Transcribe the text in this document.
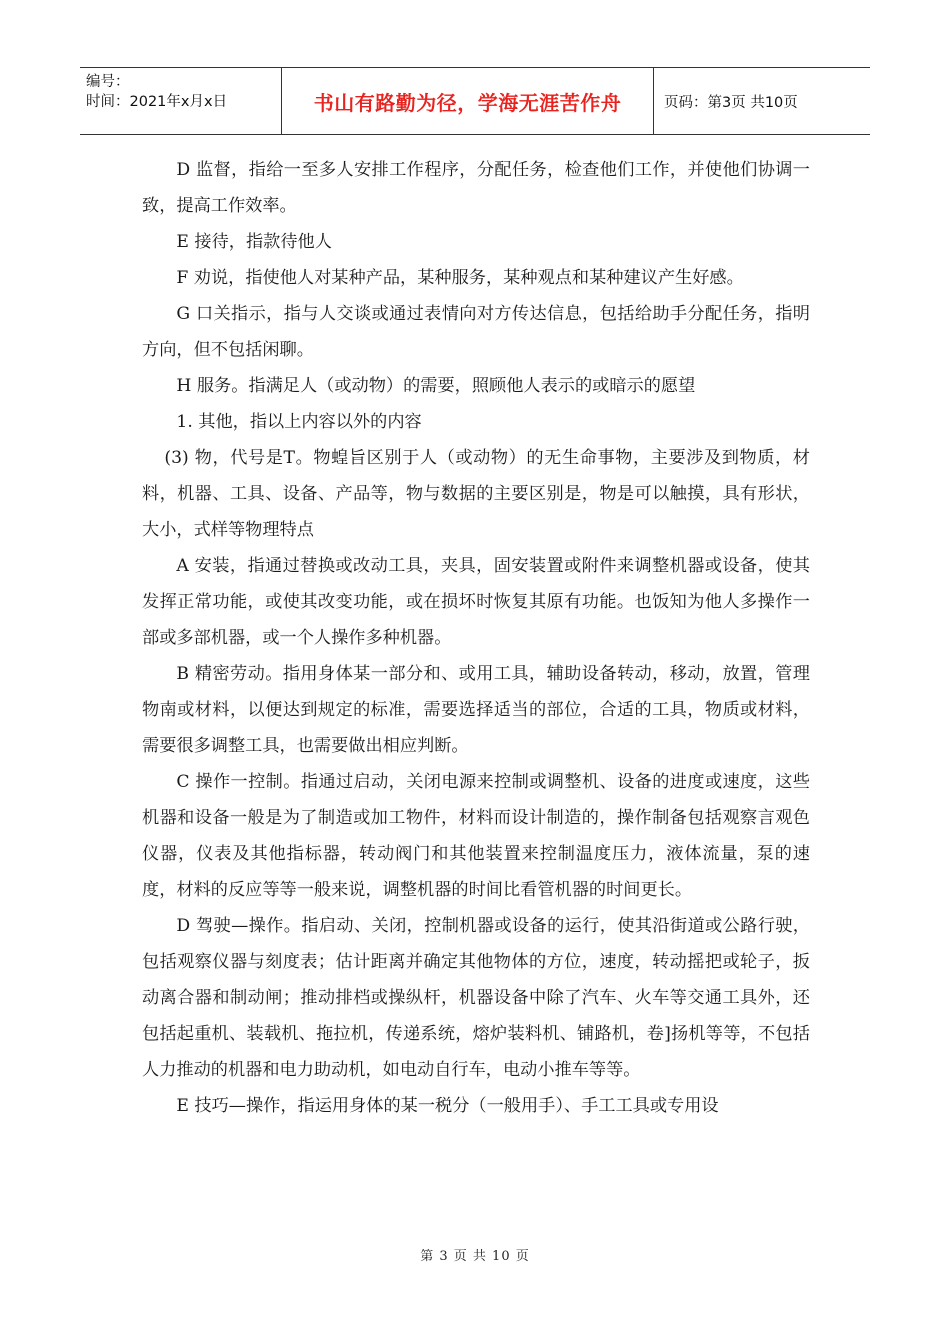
编号：
时间：2021年x月x日	书山有路勤为径，学海无涯苦作舟	页码：第3页 共10页

D 监督，指给一至多人安排工作程序，分配任务，检查他们工作，并使他们协调一致，提高工作效率。

E 接待，指款待他人

F 劝说，指使他人对某种产品，某种服务，某种观点和某种建议产生好感。

G 口关指示，指与人交谈或通过表情向对方传达信息，包括给助手分配任务，指明方向，但不包括闲聊。

H 服务。指满足人（或动物）的需要，照顾他人表示的或暗示的愿望

1. 其他，指以上内容以外的内容

(3) 物，代号是T。物蝗旨区别于人（或动物）的无生命事物，主要涉及到物质，材料，机器、工具、设备、产品等，物与数据的主要区别是，物是可以触摸，具有形状，大小，式样等物理特点

A 安装，指通过替换或改动工具，夹具，固安装置或附件来调整机器或设备，使其发挥正常功能，或使其改变功能，或在损坏时恢复其原有功能。也饭知为他人多操作一部或多部机器，或一个人操作多种机器。

B 精密劳动。指用身体某一部分和、或用工具，辅助设备转动，移动，放置，管理物南或材料，以便达到规定的标准，需要选择适当的部位，合适的工具，物质或材料，需要很多调整工具，也需要做出相应判断。

C 操作一控制。指通过启动，关闭电源来控制或调整机、设备的进度或速度，这些机器和设备一般是为了制造或加工物件，材料而设计制造的，操作制备包括观察言观色仪器，仪表及其他指标器，转动阀门和其他装置来控制温度压力，液体流量，泵的速度，材料的反应等等一般来说，调整机器的时间比看管机器的时间更长。

D 驾驶—操作。指启动、关闭，控制机器或设备的运行，使其沿街道或公路行驶，包括观察仪器与刻度表；估计距离并确定其他物体的方位，速度，转动摇把或轮子，扳动离合器和制动闸；推动排档或操纵杆，机器设备中除了汽车、火车等交通工具外，还包括起重机、装载机、拖拉机，传递系统，熔炉装料机、铺路机，卷]扬机等等，不包括人力推动的机器和电力助动机，如电动自行车，电动小推车等等。

E 技巧—操作，指运用身体的某一税分（一般用手）、手工工具或专用设

第 3 页 共 10 页
